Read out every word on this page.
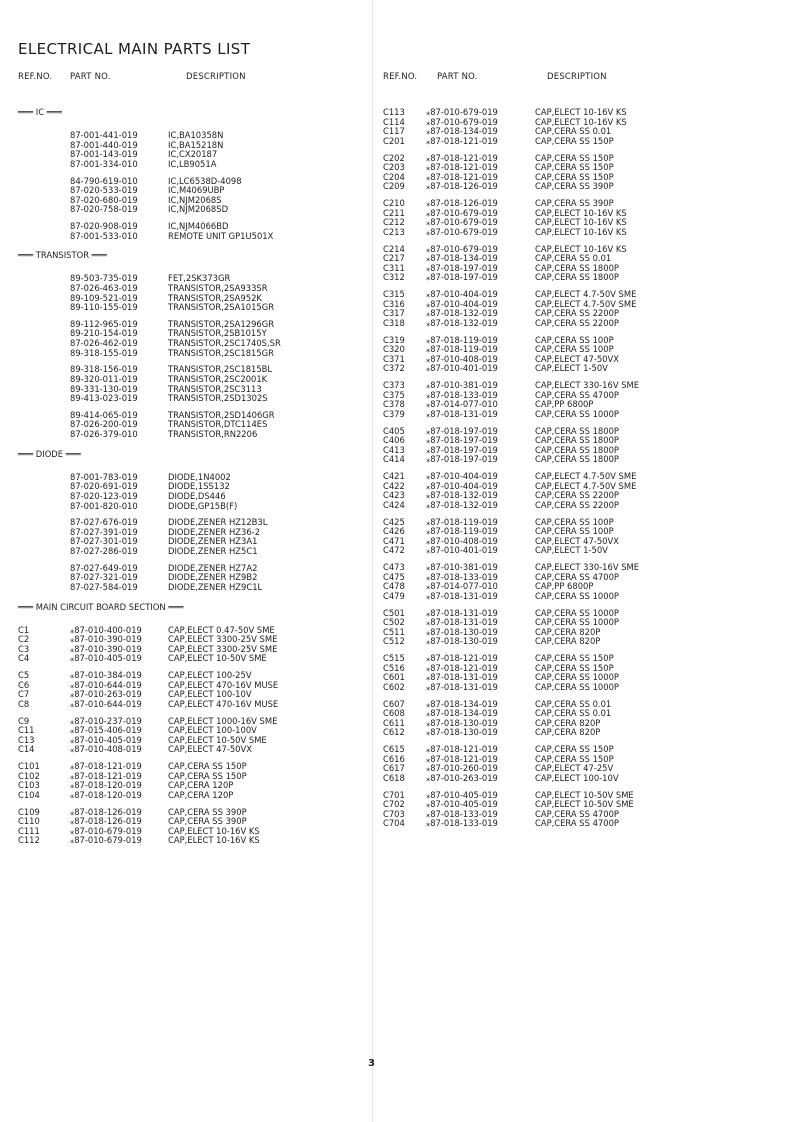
ELECTRICAL MAIN PARTS LIST
REF.NO. PART NO.	DESCRIPTION
═══ IC ═══
87-001-441-019	IC,BA10358N
87-001-440-019	IC,BA15218N
87-001-143-019	IC,CX20187
87-001-334-010	IC,LB9051A
84-790-619-010	IC,LC6538D-4098
87-020-533-019	IC,M4069UBP
87-020-680-019	IC,NJM2068S
87-020-758-019	IC,NJM2068SD
87-020-908-019	IC,NJM4066BD
87-001-533-010	REMOTE UNIT GP1U501X
═══ TRANSISTOR ═══
89-503-735-019	FET,2SK373GR
87-026-463-019	TRANSISTOR,2SA933SR
89-109-521-019	TRANSISTOR,2SA952K
89-110-155-019	TRANSISTOR,2SA1015GR
89-112-965-019	TRANSISTOR,2SA1296GR
89-210-154-019	TRANSISTOR,2SB1015Y
87-026-462-019	TRANSISTOR,2SC1740S,SR
89-318-155-019	TRANSISTOR,2SC1815GR
89-318-156-019	TRANSISTOR,2SC1815BL
89-320-011-019	TRANSISTOR,2SC2001K
89-331-130-019	TRANSISTOR,2SC3113
89-413-023-019	TRANSISTOR,2SD1302S
89-414-065-019	TRANSISTOR,2SD1406GR
87-026-200-019	TRANSISTOR,DTC114ES
87-026-379-010	TRANSISTOR,RN2206
═══ DIODE ═══
87-001-783-019	DIODE,1N4002
87-020-691-019	DIODE,1SS132
87-020-123-019	DIODE,DS446
87-001-820-010	DIODE,GP15B(F)
87-027-676-019	DIODE,ZENER HZ12B3L
87-027-391-019	DIODE,ZENER HZ36-2
87-027-301-019	DIODE,ZENER HZ3A1
87-027-286-019	DIODE,ZENER HZ5C1
87-027-649-019	DIODE,ZENER HZ7A2
87-027-321-019	DIODE,ZENER HZ9B2
87-027-584-019	DIODE,ZENER HZ9C1L
═══ MAIN CIRCUIT BOARD SECTION ═══
C1	⁎87-010-400-019	CAP,ELECT 0.47-50V SME
C2	⁎87-010-390-019	CAP,ELECT 3300-25V SME
C3	⁎87-010-390-019	CAP,ELECT 3300-25V SME
C4	⁎87-010-405-019	CAP,ELECT 10-50V SME
C5	⁎87-010-384-019	CAP,ELECT 100-25V
C6	⁎87-010-644-019	CAP,ELECT 470-16V MUSE
C7	⁎87-010-263-019	CAP,ELECT 100-10V
C8	⁎87-010-644-019	CAP,ELECT 470-16V MUSE
C9	⁎87-010-237-019	CAP,ELECT 1000-16V SME
C11	⁎87-015-406-019	CAP,ELECT 100-100V
C13	⁎87-010-405-019	CAP,ELECT 10-50V SME
C14	⁎87-010-408-019	CAP,ELECT 47-50VX
C101	⁎87-018-121-019	CAP,CERA SS 150P
C102	⁎87-018-121-019	CAP,CERA SS 150P
C103	⁎87-018-120-019	CAP,CERA 120P
C104	⁎87-018-120-019	CAP,CERA 120P
C109	⁎87-018-126-019	CAP,CERA SS 390P
C110	⁎87-018-126-019	CAP,CERA SS 390P
C111	⁎87-010-679-019	CAP,ELECT 10-16V KS
C112	⁎87-010-679-019	CAP,ELECT 10-16V KS
REF.NO. PART NO.	DESCRIPTION
C113	⁎87-010-679-019	CAP,ELECT 10-16V KS
C114	⁎87-010-679-019	CAP,ELECT 10-16V KS
C117	⁎87-018-134-019	CAP,CERA SS 0.01
C201	⁎87-018-121-019	CAP,CERA SS 150P
C202	⁎87-018-121-019	CAP,CERA SS 150P
C203	⁎87-018-121-019	CAP,CERA SS 150P
C204	⁎87-018-121-019	CAP,CERA SS 150P
C209	⁎87-018-126-019	CAP,CERA SS 390P
C210	⁎87-018-126-019	CAP,CERA SS 390P
C211	⁎87-010-679-019	CAP,ELECT 10-16V KS
C212	⁎87-010-679-019	CAP,ELECT 10-16V KS
C213	⁎87-010-679-019	CAP,ELECT 10-16V KS
C214	⁎87-010-679-019	CAP,ELECT 10-16V KS
C217	⁎87-018-134-019	CAP,CERA SS 0.01
C311	⁎87-018-197-019	CAP,CERA SS 1800P
C312	⁎87-018-197-019	CAP,CERA SS 1800P
C315	⁎87-010-404-019	CAP,ELECT 4.7-50V SME
C316	⁎87-010-404-019	CAP,ELECT 4.7-50V SME
C317	⁎87-018-132-019	CAP,CERA SS 2200P
C318	⁎87-018-132-019	CAP,CERA SS 2200P
C319	⁎87-018-119-019	CAP,CERA SS 100P
C320	⁎87-018-119-019	CAP,CERA SS 100P
C371	⁎87-010-408-019	CAP,ELECT 47-50VX
C372	⁎87-010-401-019	CAP,ELECT 1-50V
C373	⁎87-010-381-019	CAP,ELECT 330-16V SME
C375	⁎87-018-133-019	CAP,CERA SS 4700P
C378	⁎87-014-077-010	CAP,PP 6800P
C379	⁎87-018-131-019	CAP,CERA SS 1000P
C405	⁎87-018-197-019	CAP,CERA SS 1800P
C406	⁎87-018-197-019	CAP,CERA SS 1800P
C413	⁎87-018-197-019	CAP,CERA SS 1800P
C414	⁎87-018-197-019	CAP,CERA SS 1800P
C421	⁎87-010-404-019	CAP,ELECT 4.7-50V SME
C422	⁎87-010-404-019	CAP,ELECT 4.7-50V SME
C423	⁎87-018-132-019	CAP,CERA SS 2200P
C424	⁎87-018-132-019	CAP,CERA SS 2200P
C425	⁎87-018-119-019	CAP,CERA SS 100P
C426	⁎87-018-119-019	CAP,CERA SS 100P
C471	⁎87-010-408-019	CAP,ELECT 47-50VX
C472	⁎87-010-401-019	CAP,ELECT 1-50V
C473	⁎87-010-381-019	CAP,ELECT 330-16V SME
C475	⁎87-018-133-019	CAP,CERA SS 4700P
C478	⁎87-014-077-010	CAP,PP 6800P
C479	⁎87-018-131-019	CAP,CERA SS 1000P
C501	⁎87-018-131-019	CAP,CERA SS 1000P
C502	⁎87-018-131-019	CAP,CERA SS 1000P
C511	⁎87-018-130-019	CAP,CERA 820P
C512	⁎87-018-130-019	CAP,CERA 820P
C515	⁎87-018-121-019	CAP,CERA SS 150P
C516	⁎87-018-121-019	CAP,CERA SS 150P
C601	⁎87-018-131-019	CAP,CERA SS 1000P
C602	⁎87-018-131-019	CAP,CERA SS 1000P
C607	⁎87-018-134-019	CAP,CERA SS 0.01
C608	⁎87-018-134-019	CAP,CERA SS 0.01
C611	⁎87-018-130-019	CAP,CERA 820P
C612	⁎87-018-130-019	CAP,CERA 820P
C615	⁎87-018-121-019	CAP,CERA SS 150P
C616	⁎87-018-121-019	CAP,CERA SS 150P
C617	⁎87-010-260-019	CAP,ELECT 47-25V
C618	⁎87-010-263-019	CAP,ELECT 100-10V
C701	⁎87-010-405-019	CAP,ELECT 10-50V SME
C702	⁎87-010-405-019	CAP,ELECT 10-50V SME
C703	⁎87-018-133-019	CAP,CERA SS 4700P
C704	⁎87-018-133-019	CAP,CERA SS 4700P
3
